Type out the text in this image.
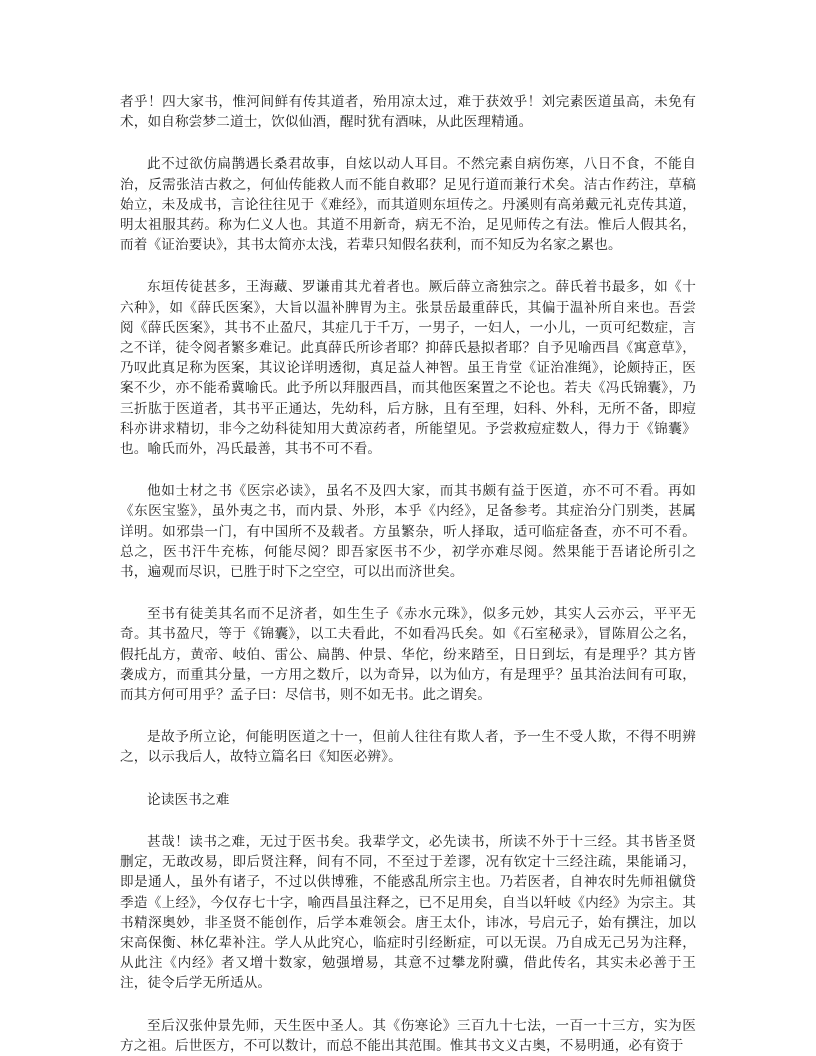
者乎！四大家书，惟河间鲜有传其道者，殆用凉太过，难于获效乎！刘完素医道虽高，未免有术，如自称尝梦二道士，饮似仙酒，醒时犹有酒味，从此医理精通。

此不过欲仿扁鹊遇长桑君故事，自炫以动人耳目。不然完素自病伤寒，八日不食，不能自治，反需张洁古救之，何仙传能救人而不能自救耶？足见行道而兼行术矣。洁古作药注，草稿始立，未及成书，言论往往见于《难经》，而其道则东垣传之。丹溪则有高弟戴元礼克传其道，明太祖服其药。称为仁义人也。其道不用新奇，病无不治，足见师传之有法。惟后人假其名，而着《证治要诀》，其书太简亦太浅，若辈只知假名获利，而不知反为名家之累也。

东垣传徒甚多，王海藏、罗谦甫其尤着者也。厥后薛立斋独宗之。薛氏着书最多，如《十六种》，如《薛氏医案》，大旨以温补脾胃为主。张景岳最重薛氏，其偏于温补所自来也。吾尝阅《薛氏医案》，其书不止盈尺，其症几于千万，一男子，一妇人，一小儿，一页可纪数症，言之不详，徒令阅者繁多难记。此真薛氏所诊者耶？抑薛氏悬拟者耶？自予见喻西昌《寓意草》，乃叹此真足称为医案，其议论详明透彻，真足益人神智。虽王肯堂《证治准绳》，论颇持正，医案不少，亦不能希冀喻氏。此予所以拜服西昌，而其他医案置之不论也。若夫《冯氏锦囊》，乃三折肱于医道者，其书平正通达，先幼科，后方脉，且有至理，妇科、外科，无所不备，即痘科亦讲求精切，非今之幼科徒知用大黄凉药者，所能望见。予尝救痘症数人，得力于《锦囊》也。喻氏而外，冯氏最善，其书不可不看。

他如士材之书《医宗必读》，虽名不及四大家，而其书颇有益于医道，亦不可不看。再如《东医宝鉴》，虽外夷之书，而内景、外形，本乎《内经》，足备参考。其症治分门别类，甚属详明。如邪祟一门，有中国所不及载者。方虽繁杂，听人择取，适可临症备查，亦不可不看。总之，医书汗牛充栋，何能尽阅？即吾家医书不少，初学亦难尽阅。然果能于吾诸论所引之书，遍观而尽识，已胜于时下之空空，可以出而济世矣。

至书有徒美其名而不足济者，如生生子《赤水元珠》，似多元妙，其实人云亦云，平平无奇。其书盈尺，等于《锦囊》，以工夫看此，不如看冯氏矣。如《石室秘录》，冒陈眉公之名，假托乩方，黄帝、岐伯、雷公、扁鹊、仲景、华佗，纷来踏至，日日到坛，有是理乎？其方皆袭成方，而重其分量，一方用之数斤，以为奇异，以为仙方，有是理乎？虽其治法间有可取，而其方何可用乎？孟子曰：尽信书，则不如无书。此之谓矣。

是故予所立论，何能明医道之十一，但前人往往有欺人者，予一生不受人欺，不得不明辨之，以示我后人，故特立篇名曰《知医必辨》。

论读医书之难

甚哉！读书之难，无过于医书矣。我辈学文，必先读书，所读不外于十三经。其书皆圣贤删定，无敢改易，即后贤注释，间有不同，不至过于差谬，况有钦定十三经注疏，果能诵习，即是通人，虽外有诸子，不过以供博雅，不能惑乱所宗主也。乃若医者，自神农时先师祖僦贷季造《上经》，今仅存七十字，喻西昌虽注释之，已不足用矣，自当以轩岐《内经》为宗主。其书精深奥妙，非圣贤不能创作，后学本难领会。唐王太仆，讳冰，号启元子，始有撰注，加以宋高保衡、林亿辈补注。学人从此究心，临症时引经断症，可以无误。乃自成无己另为注释，从此注《内经》者又增十数家，勉强增易，其意不过攀龙附骥，借此传名，其实未必善于王注，徒令后学无所适从。

至后汉张仲景先师，天生医中圣人。其《伤寒论》三百九十七法，一百一十三方，实为医方之祖。后世医方，不可以数计，而总不能出其范围。惟其书文义古奥，不易明通，必有资于
